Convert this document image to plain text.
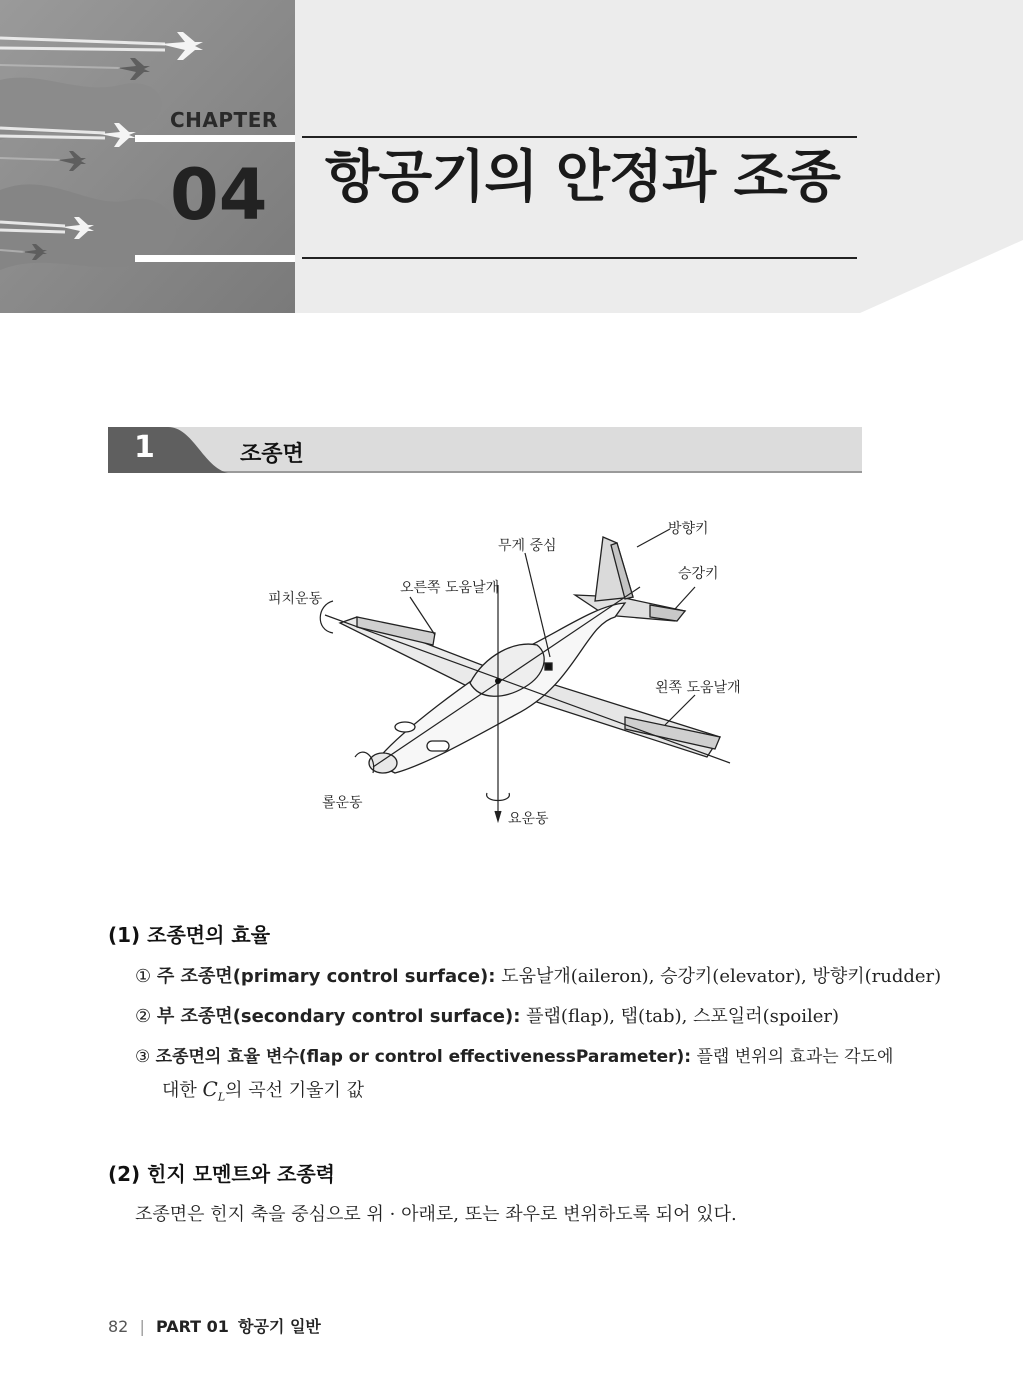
CHAPTER
04 항공기의 안정과 조종
1	조종면
방향키
무게 중심
승강키
오른쪽 도움날개
피치운동
왼쪽 도움날개
롤운동
요운동
(1) 조종면의 효율
① 주 조종면(primary control surface): 도움날개(aileron), 승강키(elevator), 방향키(rudder)
② 부 조종면(secondary control surface): 플랩(flap), 탭(tab), 스포일러(spoiler)
③ 조종면의 효율 변수(flap or control effectivenessParameter): 플랩 변위의 효과는 각도에
대한 $C_L$의 곡선 기울기 값
(2) 힌지 모멘트와 조종력
조종면은 힌지 축을 중심으로 위 · 아래로, 또는 좌우로 변위하도록 되어 있다.
82 | PART 01 항공기 일반
